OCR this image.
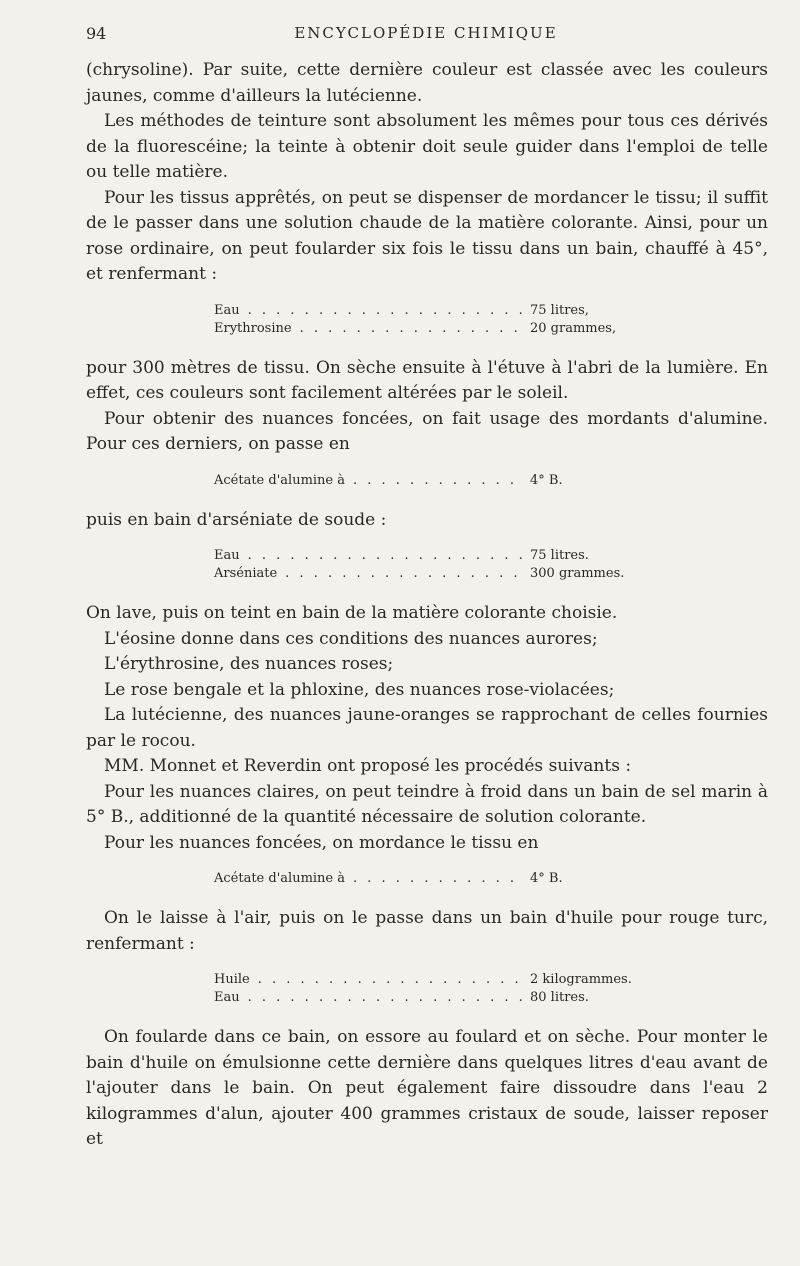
94	ENCYCLOPÉDIE CHIMIQUE

(chrysoline). Par suite, cette dernière couleur est classée avec les couleurs jaunes, comme d'ailleurs la lutécienne.

Les méthodes de teinture sont absolument les mêmes pour tous ces dérivés de la fluorescéine; la teinte à obtenir doit seule guider dans l'emploi de telle ou telle matière.

Pour les tissus apprêtés, on peut se dispenser de mordancer le tissu; il suffit de le passer dans une solution chaude de la matière colorante. Ainsi, pour un rose ordinaire, on peut foularder six fois le tissu dans un bain, chauffé à 45°, et renfermant :

Eau . . .	75 litres,
Erythrosine . . .	20 grammes,

pour 300 mètres de tissu. On sèche ensuite à l'étuve à l'abri de la lumière. En effet, ces couleurs sont facilement altérées par le soleil.

Pour obtenir des nuances foncées, on fait usage des mordants d'alumine. Pour ces derniers, on passe en

Acétate d'alumine à . . .	4° B.

puis en bain d'arséniate de soude :

Eau . . .	75 litres.
Arséniate . . .	300 grammes.

On lave, puis on teint en bain de la matière colorante choisie.

L'éosine donne dans ces conditions des nuances aurores;

L'érythrosine, des nuances roses;

Le rose bengale et la phloxine, des nuances rose-violacées;

La lutécienne, des nuances jaune-oranges se rapprochant de celles fournies par le rocou.

MM. Monnet et Reverdin ont proposé les procédés suivants :

Pour les nuances claires, on peut teindre à froid dans un bain de sel marin à 5° B., additionné de la quantité nécessaire de solution colorante.

Pour les nuances foncées, on mordance le tissu en

Acétate d'alumine à . . .	4° B.

On le laisse à l'air, puis on le passe dans un bain d'huile pour rouge turc, renfermant :

Huile . . .	2 kilogrammes.
Eau . . .	80 litres.

On foularde dans ce bain, on essore au foulard et on sèche. Pour monter le bain d'huile on émulsionne cette dernière dans quelques litres d'eau avant de l'ajouter dans le bain. On peut également faire dissoudre dans l'eau 2 kilogrammes d'alun, ajouter 400 grammes cristaux de soude, laisser reposer et
